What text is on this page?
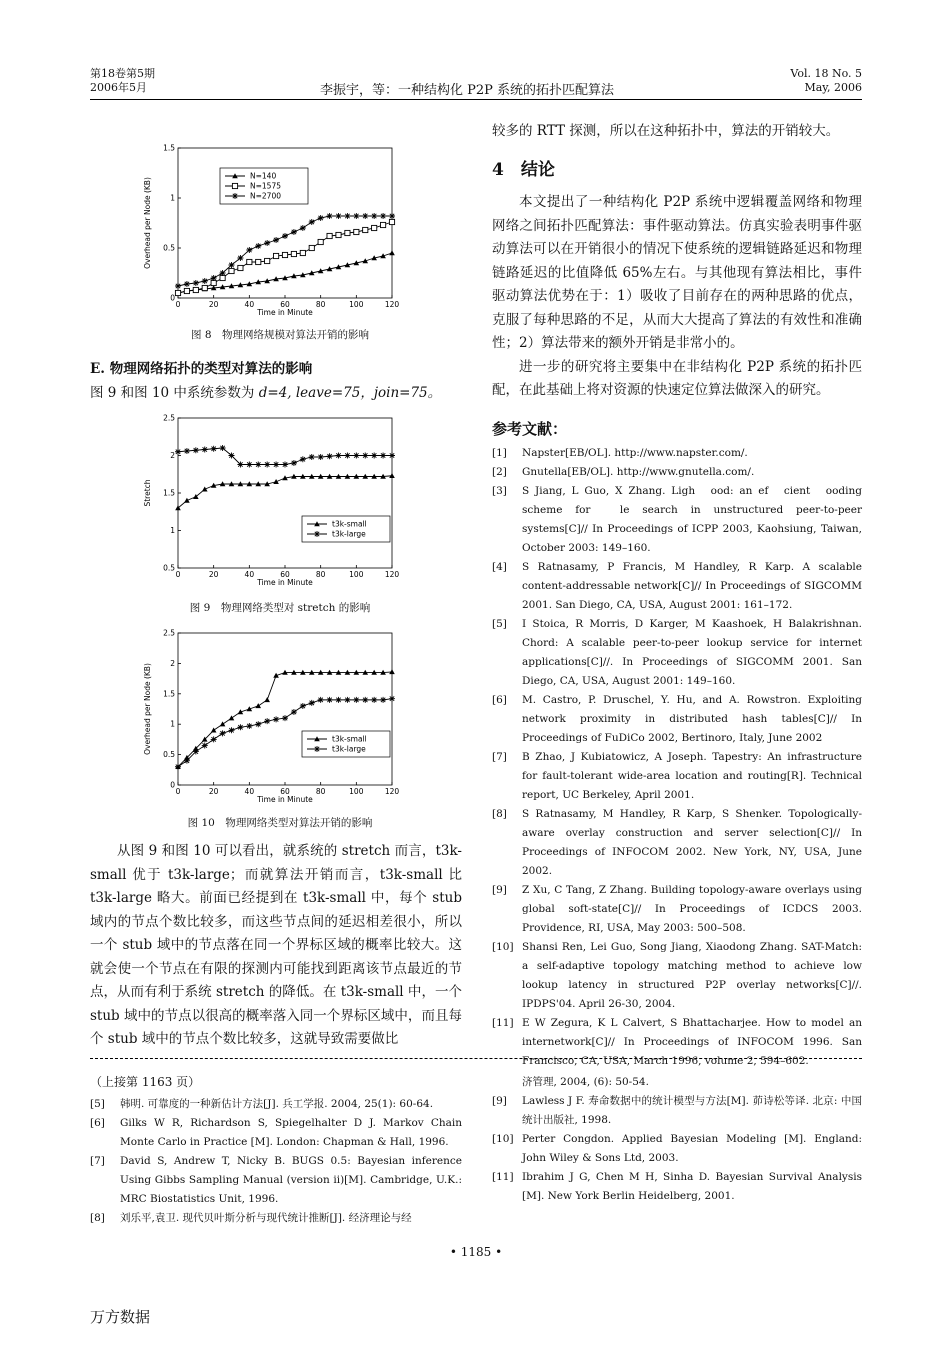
第18卷第5期
2006年5月	李振宇，等：一种结构化 P2P 系统的拓扑匹配算法
Vol. 18 No. 5
May, 2006
0	20	40	60	80	100	120
0
0.5
1
1.5
Time in Minute
Overhead per Node (KB)
N=140
N=1575
N=2700
图 8　物理网络规模对算法开销的影响
E. 物理网络拓扑的类型对算法的影响
图 9 和图 10 中系统参数为 d=4, leave=75，join=75。
0	20	40	60	80	100	120
0.5
1
1.5
2
2.5
Time in Minute
Stretch
t3k-small
t3k-large
图 9　物理网络类型对 stretch 的影响
0	20	40	60	80	100	120
0
0.5
1
1.5
2
2.5
Time in Minute
Overhead per Node (KB)	t3k-small
t3k-large
图 10　物理网络类型对算法开销的影响

从图 9 和图 10 可以看出，就系统的 stretch 而言，t3k-small 优于 t3k-large；而就算法开销而言，t3k-small 比 t3k-large 略大。前面已经提到在 t3k-small 中，每个 stub 域内的节点个数比较多，而这些节点间的延迟相差很小，所以一个 stub 域中的节点落在同一个界标区域的概率比较大。这就会使一个节点在有限的探测内可能找到距离该节点最近的节点，从而有利于系统 stretch 的降低。在 t3k-small 中，一个 stub 域中的节点以很高的概率落入同一个界标区域中，而且每个 stub 域中的节点个数比较多，这就导致需要做比

较多的 RTT 探测，所以在这种拓扑中，算法的开销较大。

4　结论

本文提出了一种结构化 P2P 系统中逻辑覆盖网络和物理网络之间拓扑匹配算法：事件驱动算法。仿真实验表明事件驱动算法可以在开销很小的情况下使系统的逻辑链路延迟和物理链路延迟的比值降低 65%左右。与其他现有算法相比，事件驱动算法优势在于：1）吸收了目前存在的两种思路的优点，克服了每种思路的不足，从而大大提高了算法的有效性和准确性；2）算法带来的额外开销是非常小的。

进一步的研究将主要集中在非结构化 P2P 系统的拓扑匹配，在此基础上将对资源的快速定位算法做深入的研究。

参考文献：
[1] Napster[EB/OL]. http://www.napster.com/.
[2] Gnutella[EB/OL]. http://www.gnutella.com/.
[3] S Jiang, L Guo, X Zhang. Ligh　ood: an ef　cient　ooding scheme for　le search in unstructured peer-to-peer systems[C]// In Proceedings of ICPP 2003, Kaohsiung, Taiwan, October 2003: 149–160.
[4] S Ratnasamy, P Francis, M Handley, R Karp. A scalable content-addressable network[C]// In Proceedings of SIGCOMM 2001. San Diego, CA, USA, August 2001: 161–172.
[5] I Stoica, R Morris, D Karger, M Kaashoek, H Balakrishnan. Chord: A scalable peer-to-peer lookup service for internet applications[C]//. In Proceedings of SIGCOMM 2001. San Diego, CA, USA, August 2001: 149–160.
[6] M. Castro, P. Druschel, Y. Hu, and A. Rowstron. Exploiting network proximity in distributed hash tables[C]// In Proceedings of FuDiCo 2002, Bertinoro, Italy, June 2002
[7] B Zhao, J Kubiatowicz, A Joseph. Tapestry: An infrastructure for fault-tolerant wide-area location and routing[R]. Technical report, UC Berkeley, April 2001.
[8] S Ratnasamy, M Handley, R Karp, S Shenker. Topologically-aware overlay construction and server selection[C]// In Proceedings of INFOCOM 2002. New York, NY, USA, June 2002.
[9] Z Xu, C Tang, Z Zhang. Building topology-aware overlays using global soft-state[C]// In Proceedings of ICDCS 2003. Providence, RI, USA, May 2003: 500–508.
[10] Shansi Ren, Lei Guo, Song Jiang, Xiaodong Zhang. SAT-Match: a self-adaptive topology matching method to achieve low lookup latency in structured P2P overlay networks[C]//. IPDPS'04. April 26-30, 2004.
[11] E W Zegura, K L Calvert, S Bhattacharjee. How to model an internetwork[C]// In Proceedings of INFOCOM 1996. San Francisco, CA, USA, March 1996, volume 2, 594–602.
（上接第 1163 页）
[5] 韩明. 可靠度的一种新估计方法[J]. 兵工学报. 2004, 25(1): 60-64.
[6] Gilks W R, Richardson S, Spiegelhalter D J. Markov Chain Monte Carlo in Practice [M]. London: Chapman & Hall, 1996.
[7] David S, Andrew T, Nicky B. BUGS 0.5: Bayesian inference Using Gibbs Sampling Manual (version ii)[M]. Cambridge, U.K.: MRC Biostatistics Unit, 1996.
[8] 刘乐平,袁卫. 现代贝叶斯分析与现代统计推断[J]. 经济理论与经
济管理, 2004, (6): 50-54.
[9] Lawless J F. 寿命数据中的统计模型与方法[M]. 茆诗松等译. 北京: 中国统计出版社, 1998.
[10] Perter Congdon. Applied Bayesian Modeling [M]. England: John Wiley & Sons Ltd, 2003.
[11] Ibrahim J G, Chen M H, Sinha D. Bayesian Survival Analysis [M]. New York Berlin Heidelberg, 2001.
• 1185 •
万方数据
